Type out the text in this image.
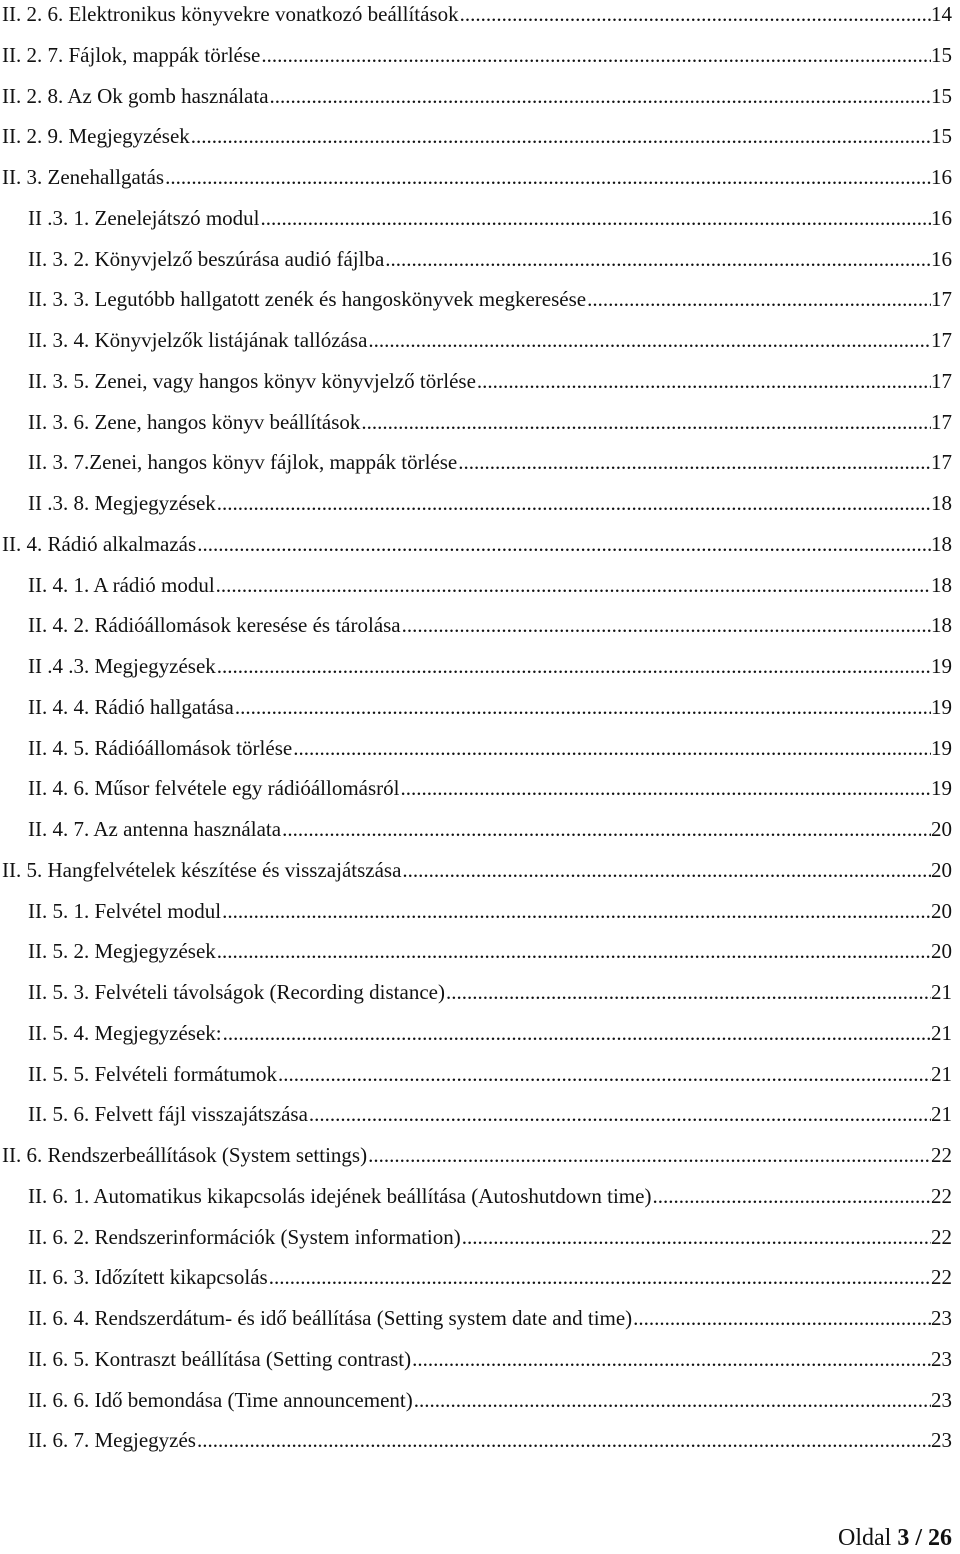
II. 2. 6. Elektronikus könyvekre vonatkozó beállítások .....	14
II. 2. 7. Fájlok, mappák törlése .....	15
II. 2. 8. Az Ok gomb használata .....	15
II. 2. 9. Megjegyzések .....	15
II. 3. Zenehallgatás .....	16
II .3. 1. Zenelejátszó modul .....	16
II. 3. 2. Könyvjelző beszúrása audió fájlba .....	16
II. 3. 3. Legutóbb hallgatott zenék és hangoskönyvek megkeresése .....	17
II. 3. 4. Könyvjelzők listájának tallózása .....	17
II. 3. 5. Zenei, vagy hangos könyv könyvjelző törlése .....	17
II. 3. 6. Zene, hangos könyv beállítások .....	17
II. 3. 7.Zenei, hangos könyv fájlok, mappák törlése .....	17
II .3. 8. Megjegyzések .....	18
II. 4. Rádió alkalmazás .....	18
II. 4. 1. A rádió modul .....	18
II. 4. 2. Rádióállomások keresése és tárolása .....	18
II .4 .3. Megjegyzések .....	19
II. 4. 4. Rádió hallgatása .....	19
II. 4. 5. Rádióállomások törlése .....	19
II. 4. 6. Műsor felvétele egy rádióállomásról .....	19
II. 4. 7. Az antenna használata .....	20
II. 5. Hangfelvételek készítése és visszajátszása .....	20
II. 5. 1. Felvétel modul .....	20
II. 5. 2. Megjegyzések .....	20
II. 5. 3. Felvételi távolságok (Recording distance) .....	21
II. 5. 4. Megjegyzések: .....	21
II. 5. 5. Felvételi formátumok .....	21
II. 5. 6. Felvett fájl visszajátszása .....	21
II. 6. Rendszerbeállítások (System settings) .....	22
II. 6. 1. Automatikus kikapcsolás idejének beállítása (Autoshutdown time) .....	22
II. 6. 2. Rendszerinformációk (System information) .....	22
II. 6. 3. Időzített kikapcsolás .....	22
II. 6. 4. Rendszerdátum- és idő beállítása (Setting system date and time) .....	23
II. 6. 5. Kontraszt beállítása (Setting contrast) .....	23
II. 6. 6. Idő bemondása (Time announcement) .....	23
II. 6. 7. Megjegyzés .....	23
Oldal 3 / 26
